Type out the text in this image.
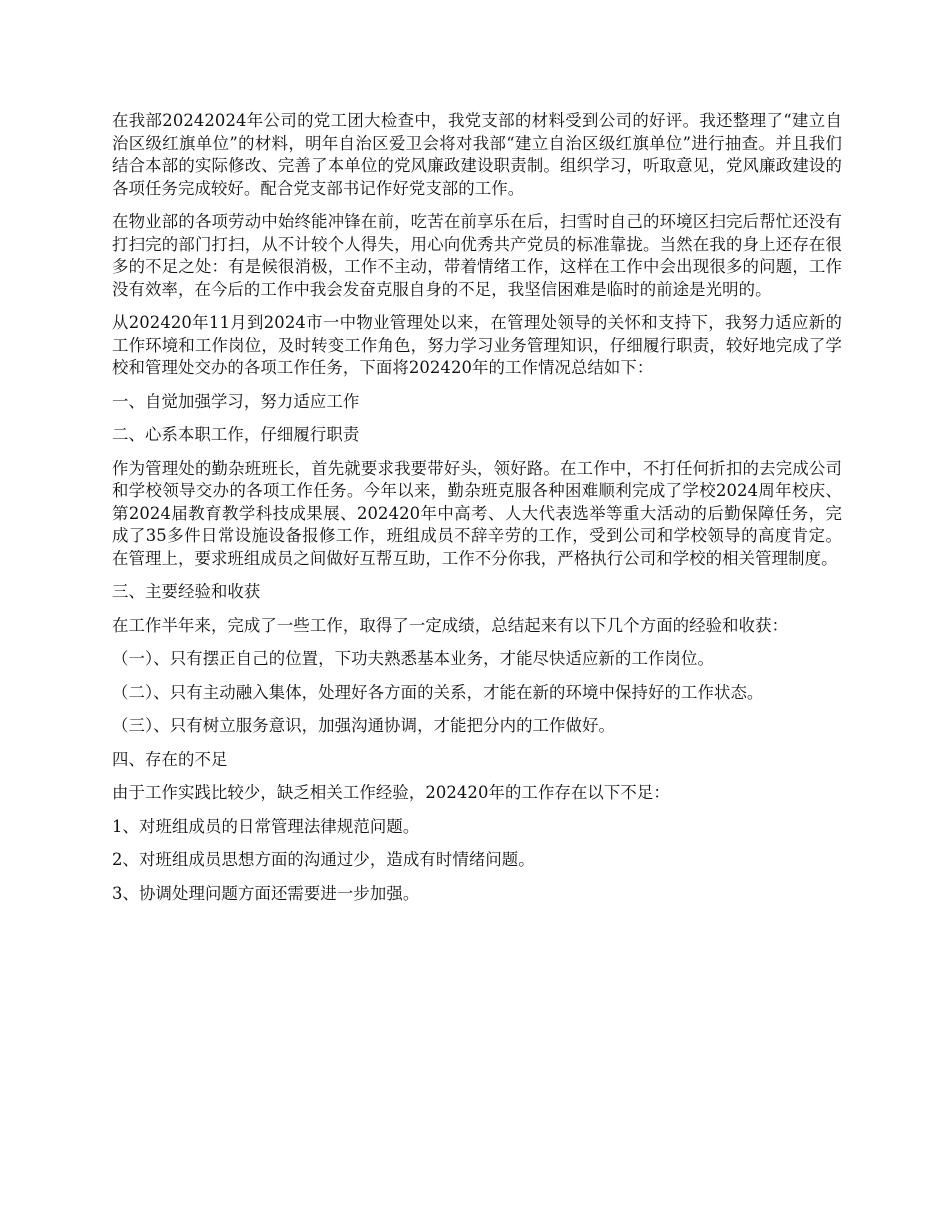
在我部20242024年公司的党工团大检查中，我党支部的材料受到公司的好评。我还整理了“建立自治区级红旗单位”的材料，明年自治区爱卫会将对我部“建立自治区级红旗单位”进行抽查。并且我们结合本部的实际修改、完善了本单位的党风廉政建设职责制。组织学习，听取意见，党风廉政建设的各项任务完成较好。配合党支部书记作好党支部的工作。

在物业部的各项劳动中始终能冲锋在前，吃苦在前享乐在后，扫雪时自己的环境区扫完后帮忙还没有打扫完的部门打扫，从不计较个人得失，用心向优秀共产党员的标准靠拢。当然在我的身上还存在很多的不足之处：有是候很消极，工作不主动，带着情绪工作，这样在工作中会出现很多的问题，工作没有效率，在今后的工作中我会发奋克服自身的不足，我坚信困难是临时的前途是光明的。

从202420年11月到2024市一中物业管理处以来，在管理处领导的关怀和支持下，我努力适应新的工作环境和工作岗位，及时转变工作角色，努力学习业务管理知识，仔细履行职责，较好地完成了学校和管理处交办的各项工作任务，下面将202420年的工作情况总结如下：

一、自觉加强学习，努力适应工作

二、心系本职工作，仔细履行职责

作为管理处的勤杂班班长，首先就要求我要带好头，领好路。在工作中，不打任何折扣的去完成公司和学校领导交办的各项工作任务。今年以来，勤杂班克服各种困难顺利完成了学校2024周年校庆、第2024届教育教学科技成果展、202420年中高考、人大代表选举等重大活动的后勤保障任务，完成了35多件日常设施设备报修工作，班组成员不辞辛劳的工作，受到公司和学校领导的高度肯定。在管理上，要求班组成员之间做好互帮互助，工作不分你我，严格执行公司和学校的相关管理制度。

三、主要经验和收获

在工作半年来，完成了一些工作，取得了一定成绩，总结起来有以下几个方面的经验和收获：

（一）、只有摆正自己的位置，下功夫熟悉基本业务，才能尽快适应新的工作岗位。

（二）、只有主动融入集体，处理好各方面的关系，才能在新的环境中保持好的工作状态。

（三）、只有树立服务意识，加强沟通协调，才能把分内的工作做好。

四、存在的不足

由于工作实践比较少，缺乏相关工作经验，202420年的工作存在以下不足：

1、对班组成员的日常管理法律规范问题。

2、对班组成员思想方面的沟通过少，造成有时情绪问题。

3、协调处理问题方面还需要进一步加强。
